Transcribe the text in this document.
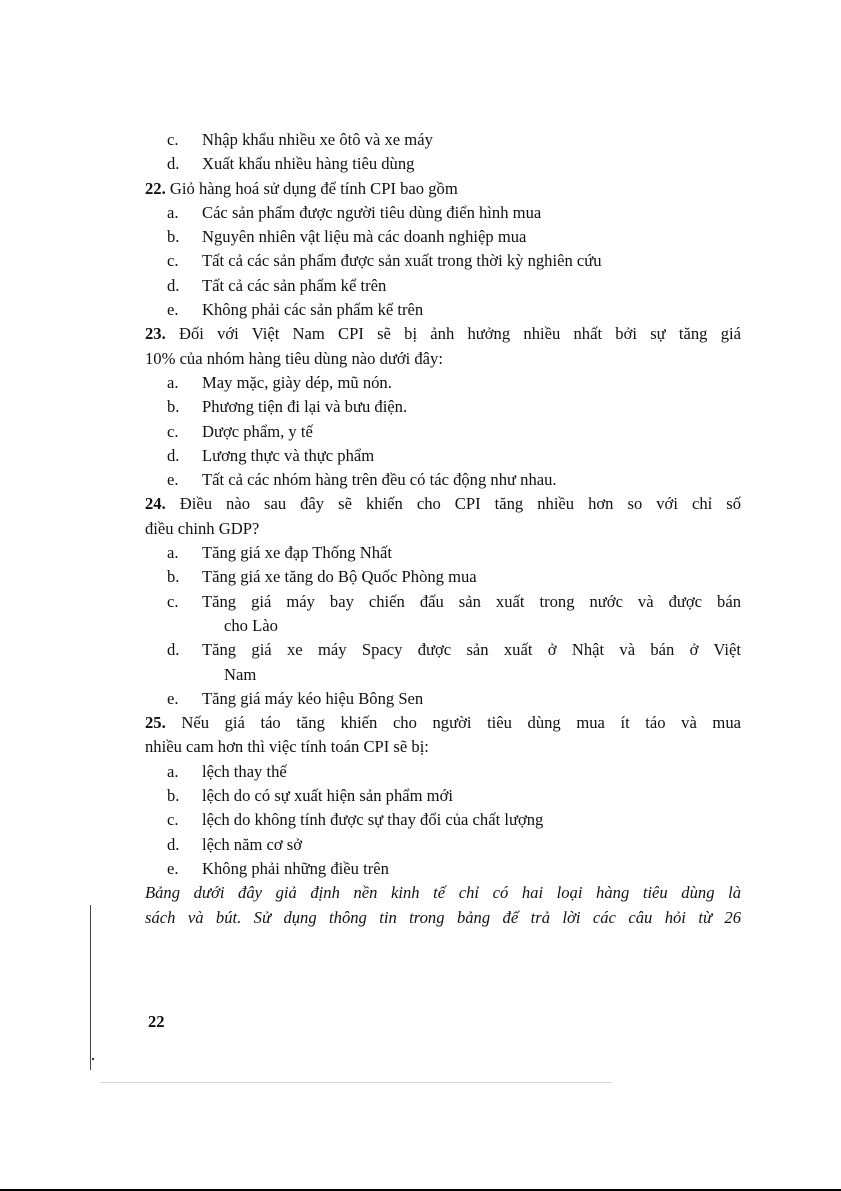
c.	Nhập khẩu nhiều xe ôtô và xe máy
d.	Xuất khẩu nhiều hàng tiêu dùng
22. Giỏ hàng hoá sử dụng để tính CPI bao gồm
a.	Các sản phẩm được người tiêu dùng điển hình mua
b.	Nguyên nhiên vật liệu mà các doanh nghiệp mua
c.	Tất cả các sản phẩm được sản xuất trong thời kỳ nghiên cứu
d.	Tất cả các sản phẩm kể trên
e.	Không phải các sản phẩm kể trên
23. Đối với Việt Nam CPI sẽ bị ảnh hưởng nhiều nhất bởi sự tăng giá
10% của nhóm hàng tiêu dùng nào dưới đây:
a.	May mặc, giày dép, mũ nón.
b.	Phương tiện đi lại và bưu điện.
c.	Dược phẩm, y tế
d.	Lương thực và thực phẩm
e.	Tất cả các nhóm hàng trên đều có tác động như nhau.
24. Điều nào sau đây sẽ khiến cho CPI tăng nhiều hơn so với chỉ số
điều chinh GDP?
a.	Tăng giá xe đạp Thống Nhất
b.	Tăng giá xe tăng do Bộ Quốc Phòng mua
c.	Tăng giá máy bay chiến đấu sản xuất trong nước và được bán
cho Lào
d.	Tăng giá xe máy Spacy được sản xuất ở Nhật và bán ở Việt
Nam
e.	Tăng giá máy kéo hiệu Bông Sen
25. Nếu giá táo tăng khiến cho người tiêu dùng mua ít táo và mua
nhiều cam hơn thì việc tính toán CPI sẽ bị:
a.	lệch thay thế
b.	lệch do có sự xuất hiện sản phẩm mới
c.	lệch do không tính được sự thay đổi của chất lượng
d.	lệch năm cơ sở
e.	Không phải những điều trên
Bảng dưới đây giả định nền kinh tế chỉ có hai loại hàng tiêu dùng là
sách và bút. Sử dụng thông tin trong bảng để trả lời các câu hỏi từ 26
22
